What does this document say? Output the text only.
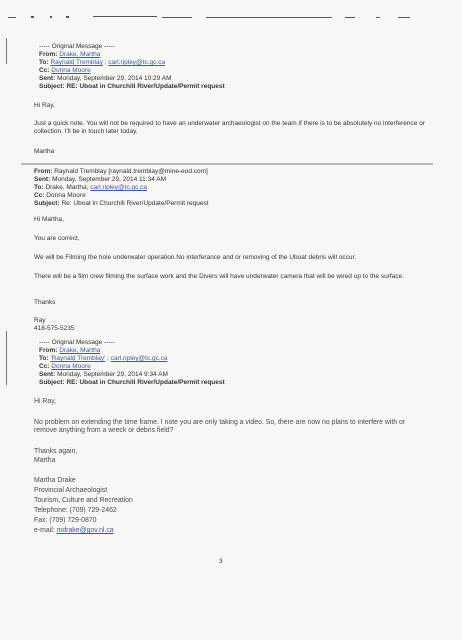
----- Original Message -----
From: Drake, Martha
To: Raynald Tremblay ; carl.ripley@tc.gc.ca
Cc: Donna Moore
Sent: Monday, September 29, 2014 10:29 AM
Subject: RE: Uboat in Churchill River/Update/Permit request
Hi Ray,
Just a quick note. You will not be required to have an underwater archaeologist on the team if there is to be absolutely no interference or collection. I'll be in touch later today.
Martha
From: Raynald Tremblay [raynald.tremblay@mine-eod.com]
Sent: Monday, September 29, 2014 11:34 AM
To: Drake, Martha; carl.ripley@tc.gc.ca
Cc: Donna Moore
Subject: Re: Uboat in Churchill River/Update/Permit request
Hi Martha,
You are correct,
We will be Filming the hole underwater operation.No interferance and or removing of the Uboat debris will occur.
There will be a film crew filming the surface work and the Divers will have underwater camera that will be wired up to the surface.
Thanks
Ray
418-575-5235
----- Original Message -----
From: Drake, Martha
To: 'Raynald Tremblay' ; carl.ripley@tc.gc.ca
Cc: Donna Moore
Sent: Monday, September 29, 2014 9:34 AM
Subject: RE: Uboat in Churchill River/Update/Permit request
Hi Ray,
No problem on extending the time frame. I note you are only taking a video. So, there are now no plans to interfere with or remove anything from a wreck or debris field?
Thanks again,
Martha
Martha Drake
Provincial Archaeologist
Tourism, Culture and Recreation
Telephone: (709) 729-2462
Fax: (709) 729-0870
e-mail: mdrake@gov.nl.ca
3
